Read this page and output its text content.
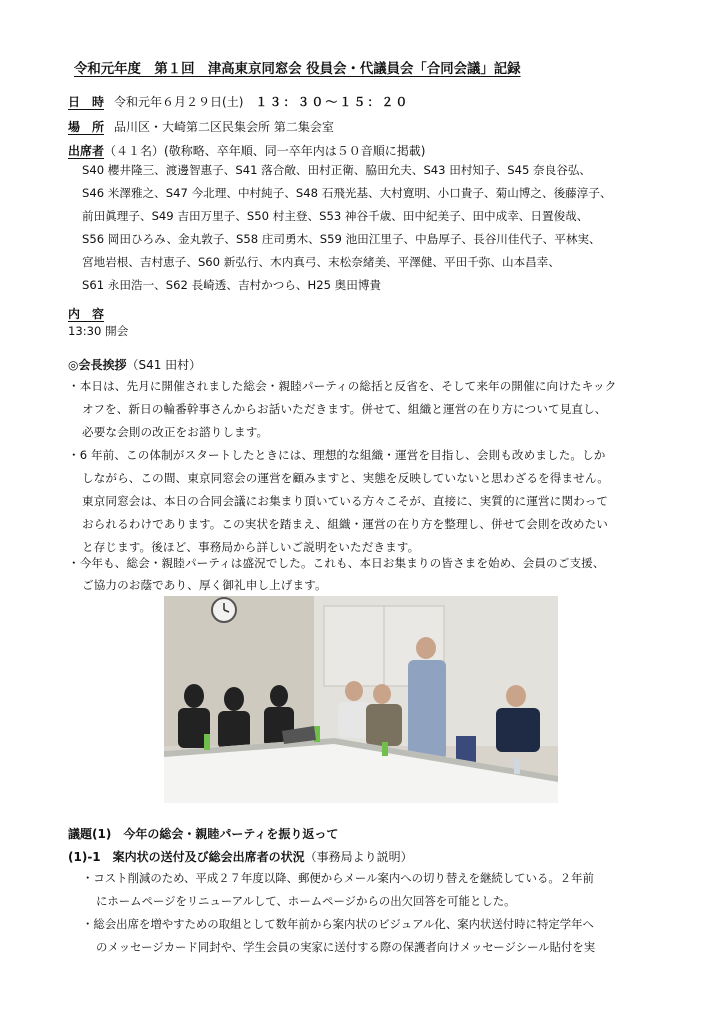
令和元年度　第１回　津高東京同窓会 役員会・代議員会「合同会議」記録
日　時 令和元年６月２９日(土) １３：３０～１５：２０
場　所 品川区・大崎第二区民集会所 第二集会室
出席者（４１名）(敬称略、卒年順、同一卒年内は５０音順に掲載)
S40 櫻井隆三、渡邊智惠子、S41 落合敞、田村正衛、脇田允夫、S43 田村知子、S45 奈良谷弘、
S46 米澤雅之、S47 今北理、中村純子、S48 石飛光基、大村寛明、小口貴子、菊山博之、後藤淳子、
前田眞理子、S49 吉田万里子、S50 村主登、S53 神谷千歳、田中紀美子、田中成幸、日置俊哉、
S56 岡田ひろみ、金丸敦子、S58 庄司勇木、S59 池田江里子、中島厚子、長谷川佳代子、平林実、
宮地岩根、吉村恵子、S60 新弘行、木内真弓、末松奈緒美、平澤健、平田千弥、山本昌幸、
S61 永田浩一、S62 長崎透、吉村かつら、H25 奥田博貴
内　容
13:30 開会
◎会長挨拶（S41 田村）
・本日は、先月に開催されました総会・親睦パーティの総括と反省を、そして来年の開催に向けたキック
オフを、新日の輪番幹事さんからお話いただきます。併せて、組織と運営の在り方について見直し、
必要な会則の改正をお諮りします。
・6 年前、この体制がスタートしたときには、理想的な組織・運営を目指し、会則も改めました。しか
しながら、この間、東京同窓会の運営を顧みますと、実態を反映していないと思わざるを得ません。
東京同窓会は、本日の合同会議にお集まり頂いている方々こそが、直接に、実質的に運営に関わって
おられるわけであります。この実状を踏まえ、組織・運営の在り方を整理し、併せて会則を改めたい
と存じます。後ほど、事務局から詳しいご説明をいただきます。
・今年も、総会・親睦パーティは盛況でした。これも、本日お集まりの皆さまを始め、会員のご支援、
ご協力のお蔭であり、厚く御礼申し上げます。
議題(1)　今年の総会・親睦パーティを振り返って
(1)-1　案内状の送付及び総会出席者の状況（事務局より説明）
・コスト削減のため、平成２７年度以降、郵便からメール案内への切り替えを継続している。２年前
にホームページをリニューアルして、ホームページからの出欠回答を可能とした。
・総会出席を増やすための取組として数年前から案内状のビジュアル化、案内状送付時に特定学年へ
のメッセージカード同封や、学生会員の実家に送付する際の保護者向けメッセージシール貼付を実
